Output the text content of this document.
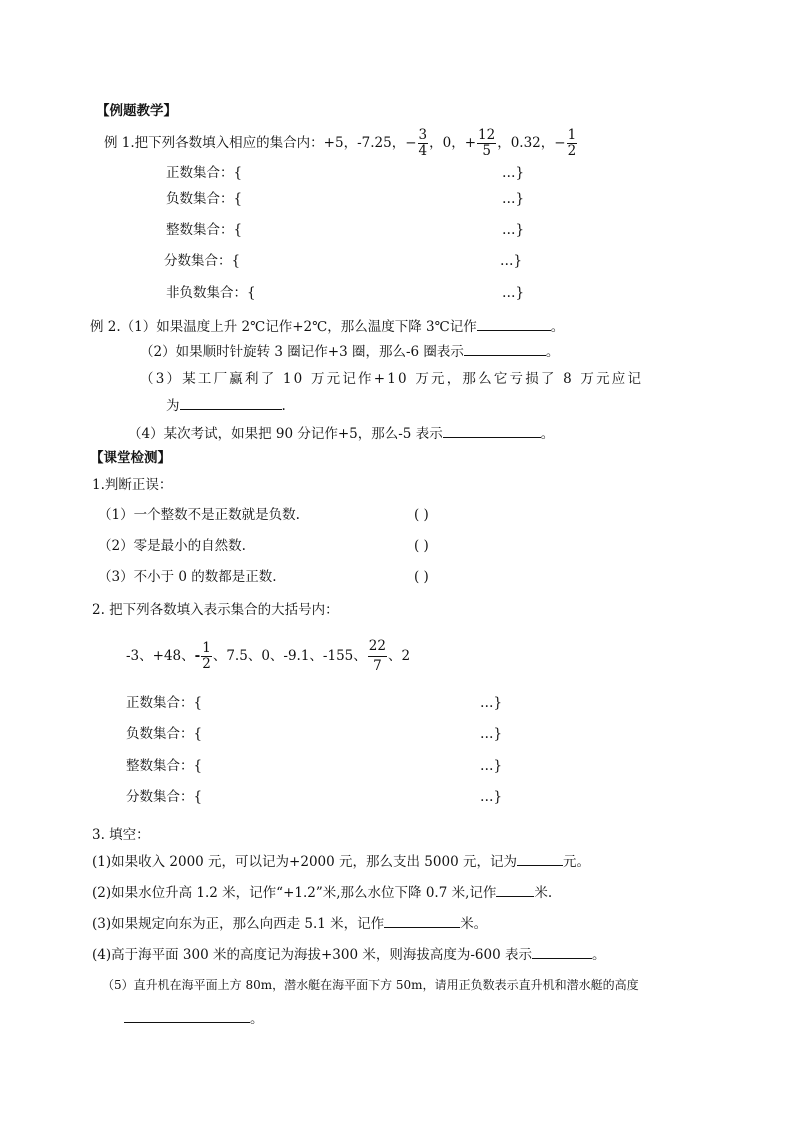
【例题教学】
例 1.把下列各数填入相应的集合内：+5，-7.25，− $\frac{3}{4}$ ，0，+ $\frac{12}{5}$ ，0.32，− $\frac{1}{2}$
正数集合：{	…}
负数集合：{	…}
整数集合：{	…}
分数集合：{	…}
非负数集合：{	…}
例 2.（1）如果温度上升 2℃记作+2℃，那么温度下降 3℃记作	。
（2）如果顺时针旋转 3 圈记作+3 圈，那么-6 圈表示	。
（3）某工厂赢利了 10 万元记作+10 万元，那么它亏损了 8 万元应记
为	.
（4）某次考试，如果把 90 分记作+5，那么-5 表示	。
【课堂检测】
1.判断正误：
（1）一个整数不是正数就是负数.	( )
（2）零是最小的自然数.	( )
（3）不小于 0 的数都是正数.	( )
2. 把下列各数填入表示集合的大括号内：
-3、+48、- $\frac{1}{2}$ 、7.5、0、-9.1、-155、 $\frac{22}{7}$ 、2
正数集合：{	…}
负数集合：{	…}
整数集合：{	…}
分数集合：{	…}
3. 填空：
(1)如果收入 2000 元，可以记为+2000 元，那么支出 5000 元，记为	元。
(2)如果水位升高 1.2 米，记作“+1.2”米,那么水位下降 0.7 米,记作	米.
(3)如果规定向东为正，那么向西走 5.1 米，记作	米。
(4)高于海平面 300 米的高度记为海拔+300 米，则海拔高度为-600 表示	。
（5）直升机在海平面上方 80m，潜水艇在海平面下方 50m，请用正负数表示直升机和潜水艇的高度
。
